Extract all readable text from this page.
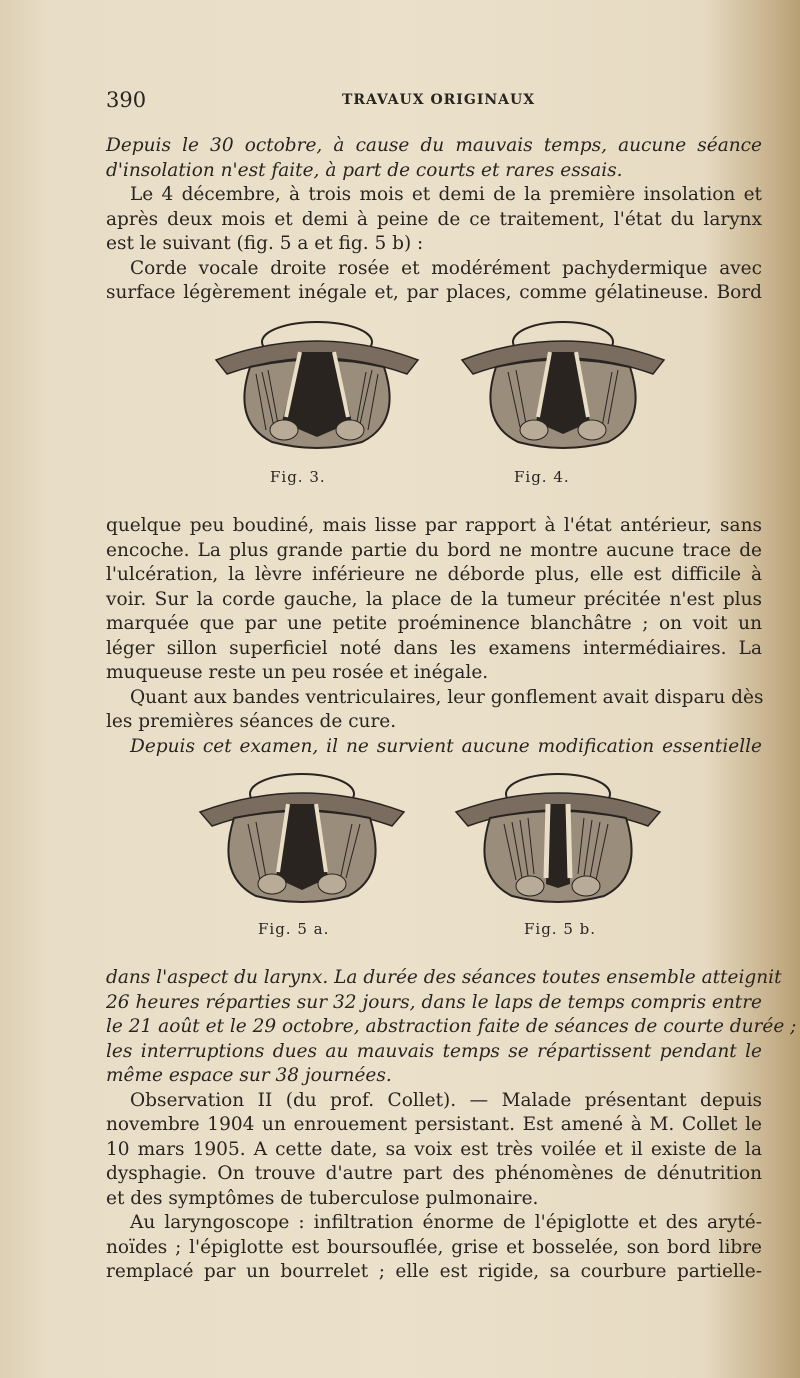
390	TRAVAUX ORIGINAUX

Depuis le 30 octobre, à cause du mauvais temps, aucune séance
d'insolation n'est faite, à part de courts et rares essais.
Le 4 décembre, à trois mois et demi de la première insolation et
après deux mois et demi à peine de ce traitement, l'état du larynx
est le suivant (fig. 5 a et fig. 5 b) :
Corde vocale droite rosée et modérément pachydermique avec
surface légèrement inégale et, par places, comme gélatineuse. Bord

Fig. 3.	Fig. 4.

quelque peu boudiné, mais lisse par rapport à l'état antérieur, sans
encoche. La plus grande partie du bord ne montre aucune trace de
l'ulcération, la lèvre inférieure ne déborde plus, elle est difficile à
voir. Sur la corde gauche, la place de la tumeur précitée n'est plus
marquée que par une petite proéminence blanchâtre ; on voit un
léger sillon superficiel noté dans les examens intermédiaires. La
muqueuse reste un peu rosée et inégale.
Quant aux bandes ventriculaires, leur gonflement avait disparu dès
les premières séances de cure.
Depuis cet examen, il ne survient aucune modification essentielle

Fig. 5 a.	Fig. 5 b.

dans l'aspect du larynx. La durée des séances toutes ensemble atteignit
26 heures réparties sur 32 jours, dans le laps de temps compris entre
le 21 août et le 29 octobre, abstraction faite de séances de courte durée ;
les interruptions dues au mauvais temps se répartissent pendant le
même espace sur 38 journées.
Observation II (du prof. Collet). — Malade présentant depuis
novembre 1904 un enrouement persistant. Est amené à M. Collet le
10 mars 1905. A cette date, sa voix est très voilée et il existe de la
dysphagie. On trouve d'autre part des phénomènes de dénutrition
et des symptômes de tuberculose pulmonaire.
Au laryngoscope : infiltration énorme de l'épiglotte et des aryté-
noïdes ; l'épiglotte est boursouflée, grise et bosselée, son bord libre
remplacé par un bourrelet ; elle est rigide, sa courbure partielle-
